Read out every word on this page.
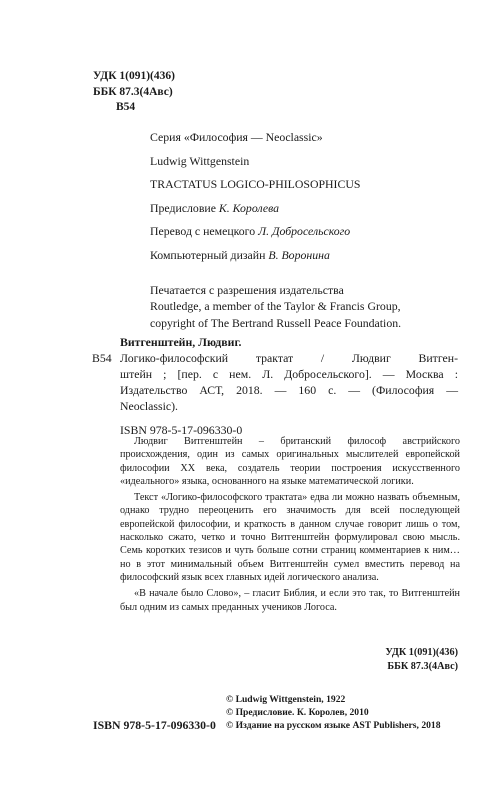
УДК 1(091)(436)
ББК 87.3(4Авс)
В54
Серия «Философия — Neoclassic»
Ludwig Wittgenstein
TRACTATUS LOGICO-PHILOSOPHICUS
Предисловие К. Королева
Перевод с немецкого Л. Добросельского
Компьютерный дизайн В. Воронина
Печатается с разрешения издательства
Routledge, a member of the Taylor & Francis Group,
copyright of The Bertrand Russell Peace Foundation.
Витгенштейн, Людвиг.
В54 Логико-философский трактат / Людвиг Витген-
штейн ; [пер. с нем. Л. Добросельского]. — Москва :
Издательство АСТ, 2018. — 160 с. — (Философия —
Neoclassic).
ISBN 978-5-17-096330-0

Людвиг Витгенштейн – британский философ австрийского происхождения, один из самых оригинальных мыслителей европейской философии XX века, создатель теории построения искусственного «идеального» языка, основанного на языке математической логики.

Текст «Логико-философского трактата» едва ли можно назвать объемным, однако трудно переоценить его значимость для всей последующей европейской философии, и краткость в данном случае говорит лишь о том, насколько сжато, четко и точно Витгенштейн формулировал свою мысль. Семь коротких тезисов и чуть больше сотни страниц комментариев к ним… но в этот минимальный объем Витгенштейн сумел вместить перевод на философский язык всех главных идей логического анализа.

«В начале было Слово», – гласит Библия, и если это так, то Витгенштейн был одним из самых преданных учеников Логоса.

УДК 1(091)(436)
ББК 87.3(4Авс)
© Ludwig Wittgenstein, 1922
© Предисловие. К. Королев, 2010
© Издание на русском языке AST Publishers, 2018
ISBN 978-5-17-096330-0
